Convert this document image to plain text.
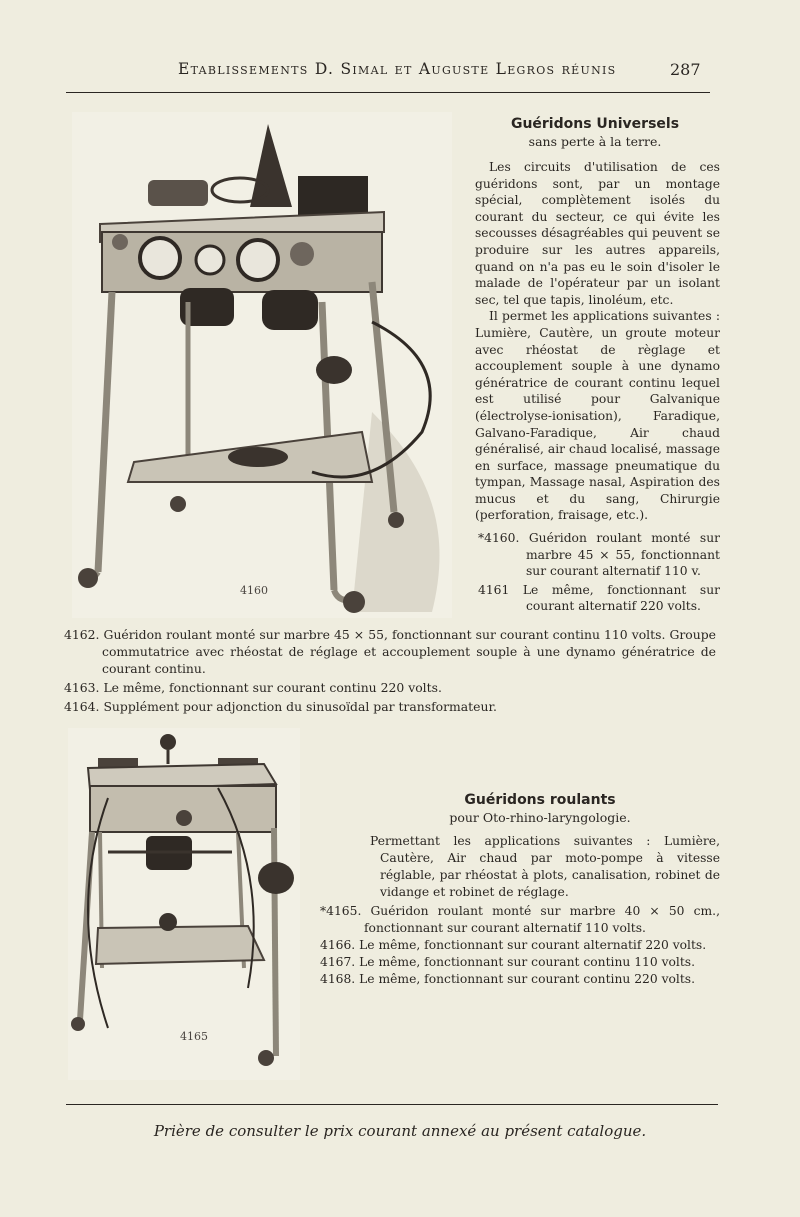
Etablissements D. Simal et Auguste Legros réunis	287
4160
Guéridons Universels
sans perte à la terre.
Les circuits d'utilisation de ces guéridons sont, par un montage spécial, complètement isolés du courant du secteur, ce qui évite les secousses désagréables qui peuvent se produire sur les autres appareils, quand on n'a pas eu le soin d'isoler le malade de l'opérateur par un isolant sec, tel que tapis, linoléum, etc.
Il permet les applications suivantes : Lumière, Cautère, un groute moteur avec rhéostat de règlage et accouplement souple à une dynamo génératrice de courant continu lequel est utilisé pour Galvanique (électrolyse-ionisation), Faradique, Galvano-Faradique, Air chaud généralisé, air chaud localisé, massage en surface, massage pneumatique du tympan, Massage nasal, Aspiration des mucus et du sang, Chirurgie (perforation, fraisage, etc.).
*4160. Guéridon roulant monté sur marbre 45 × 55, fonctionnant sur courant alternatif 110 v.
4161 Le même, fonctionnant sur courant alternatif 220 volts.
4162. Guéridon roulant monté sur marbre 45 × 55, fonctionnant sur courant continu 110 volts. Groupe commutatrice avec rhéostat de réglage et accouplement souple à une dynamo génératrice de courant continu.
4163. Le même, fonctionnant sur courant continu 220 volts.
4164. Supplément pour adjonction du sinusoïdal par transformateur.
4165
Guéridons roulants
pour Oto-rhino-laryngologie.
Permettant les applications suivantes : Lumière, Cautère, Air chaud par moto-pompe à vitesse réglable, par rhéostat à plots, canalisation, robinet de vidange et robinet de réglage.
*4165. Guéridon roulant monté sur marbre 40 × 50 cm., fonctionnant sur courant alternatif 110 volts.
4166. Le même, fonctionnant sur courant alternatif 220 volts.
4167. Le même, fonctionnant sur courant continu 110 volts.
4168. Le même, fonctionnant sur courant continu 220 volts.
Prière de consulter le prix courant annexé au présent catalogue.
